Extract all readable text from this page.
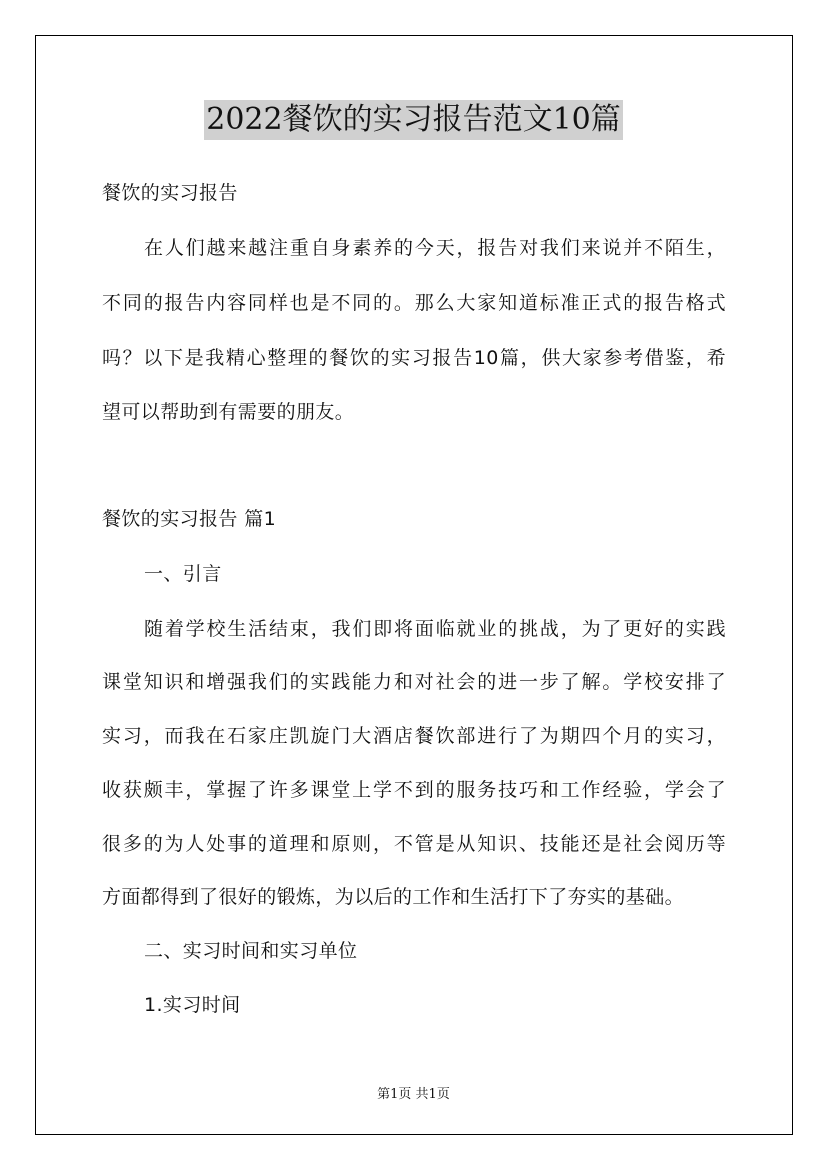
2022餐饮的实习报告范文10篇
餐饮的实习报告
在人们越来越注重自身素养的今天，报告对我们来说并不陌生，
不同的报告内容同样也是不同的。那么大家知道标准正式的报告格式
吗？以下是我精心整理的餐饮的实习报告10篇，供大家参考借鉴，希
望可以帮助到有需要的朋友。
餐饮的实习报告 篇1
一、引言
随着学校生活结束，我们即将面临就业的挑战，为了更好的实践
课堂知识和增强我们的实践能力和对社会的进一步了解。学校安排了
实习，而我在石家庄凯旋门大酒店餐饮部进行了为期四个月的实习，
收获颇丰，掌握了许多课堂上学不到的服务技巧和工作经验，学会了
很多的为人处事的道理和原则，不管是从知识、技能还是社会阅历等
方面都得到了很好的锻炼，为以后的工作和生活打下了夯实的基础。
二、实习时间和实习单位
1.实习时间
第1页 共1页
